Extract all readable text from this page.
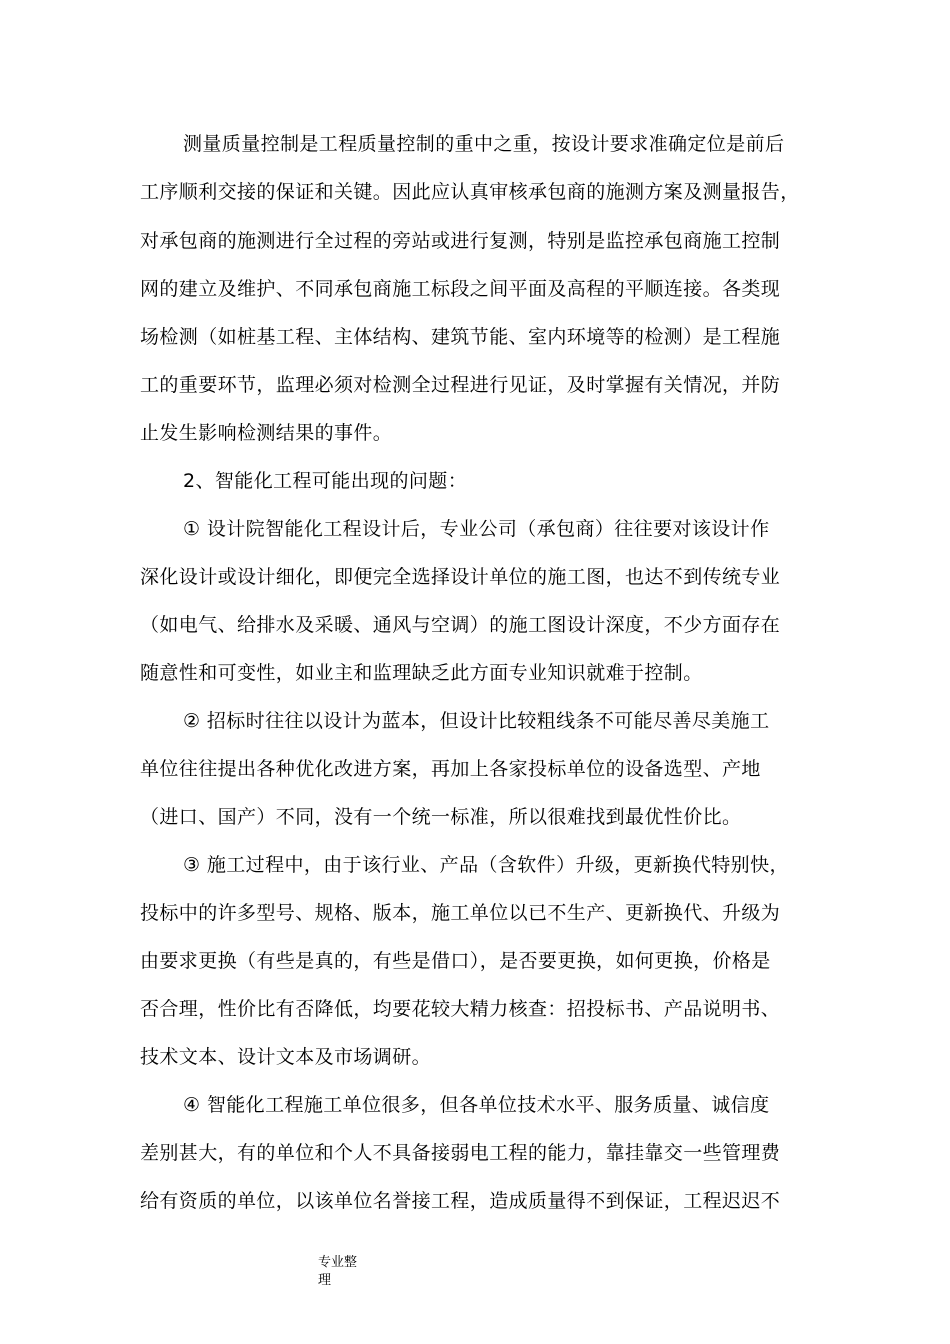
测量质量控制是工程质量控制的重中之重，按设计要求准确定位是前后
工序顺利交接的保证和关键。因此应认真审核承包商的施测方案及测量报告，
对承包商的施测进行全过程的旁站或进行复测，特别是监控承包商施工控制
网的建立及维护、不同承包商施工标段之间平面及高程的平顺连接。各类现
场检测（如桩基工程、主体结构、建筑节能、室内环境等的检测）是工程施
工的重要环节，监理必须对检测全过程进行见证，及时掌握有关情况，并防
止发生影响检测结果的事件。
2、智能化工程可能出现的问题：
① 设计院智能化工程设计后，专业公司（承包商）往往要对该设计作
深化设计或设计细化，即便完全选择设计单位的施工图，也达不到传统专业
（如电气、给排水及采暖、通风与空调）的施工图设计深度，不少方面存在
随意性和可变性，如业主和监理缺乏此方面专业知识就难于控制。
② 招标时往往以设计为蓝本，但设计比较粗线条不可能尽善尽美施工
单位往往提出各种优化改进方案，再加上各家投标单位的设备选型、产地
（进口、国产）不同，没有一个统一标准，所以很难找到最优性价比。
③ 施工过程中，由于该行业、产品（含软件）升级，更新换代特别快，
投标中的许多型号、规格、版本，施工单位以已不生产、更新换代、升级为
由要求更换（有些是真的，有些是借口），是否要更换，如何更换，价格是
否合理，性价比有否降低，均要花较大精力核查：招投标书、产品说明书、
技术文本、设计文本及市场调研。
④ 智能化工程施工单位很多，但各单位技术水平、服务质量、诚信度
差别甚大，有的单位和个人不具备接弱电工程的能力，靠挂靠交一些管理费
给有资质的单位，以该单位名誉接工程，造成质量得不到保证，工程迟迟不
专业整
理
